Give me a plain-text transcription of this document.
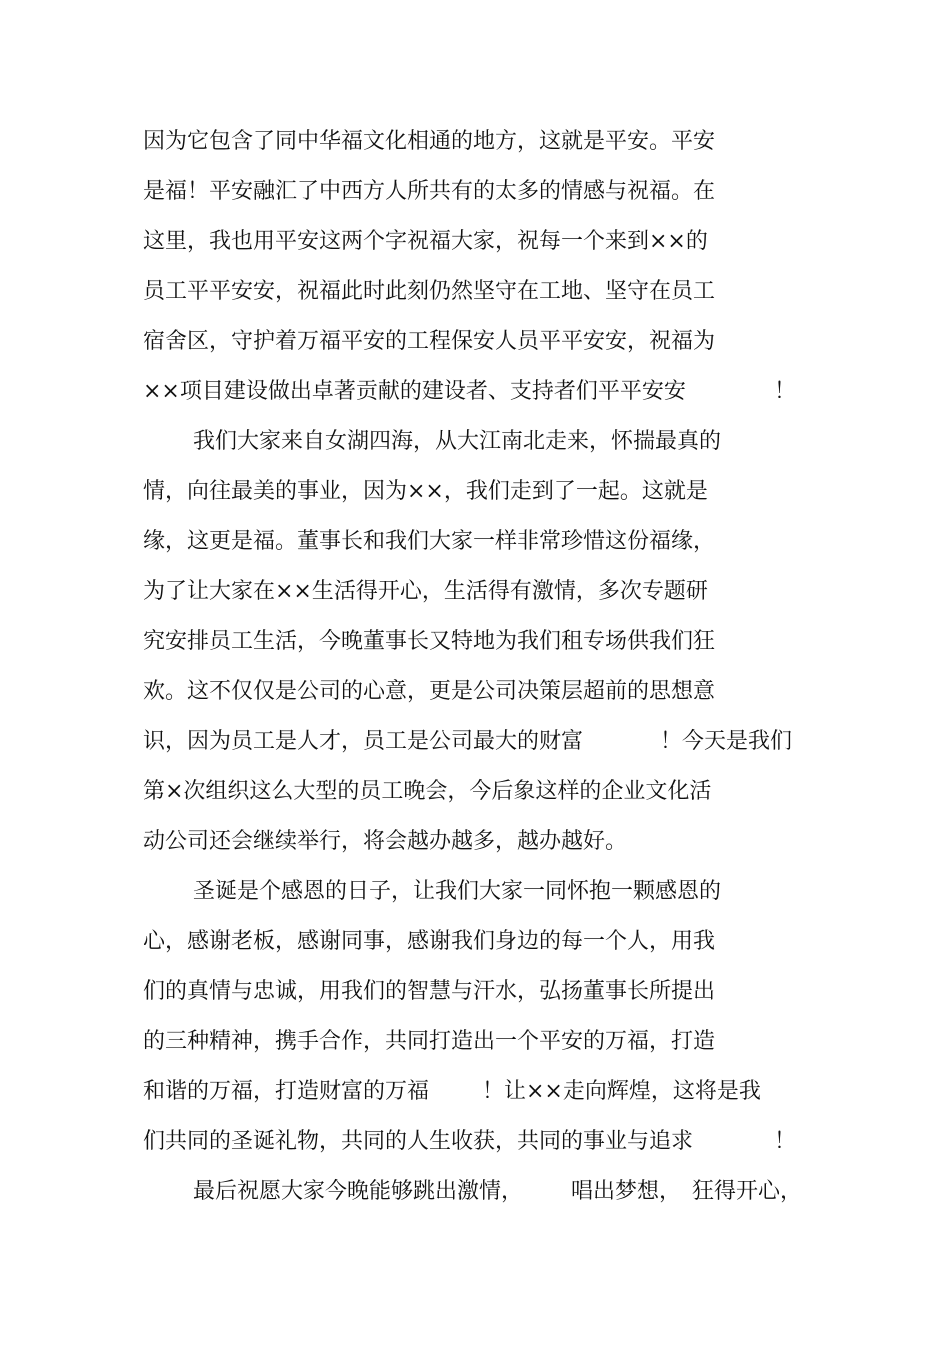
因为它包含了同中华福文化相通的地方，这就是平安。平安
是福！平安融汇了中西方人所共有的太多的情感与祝福。在
这里，我也用平安这两个字祝福大家，祝每一个来到××的
员工平平安安，祝福此时此刻仍然坚守在工地、坚守在员工
宿舍区，守护着万福平安的工程保安人员平平安安，祝福为
××项目建设做出卓著贡献的建设者、支持者们平平安安	！
我们大家来自女湖四海，从大江南北走来，怀揣最真的
情，向往最美的事业，因为××，我们走到了一起。这就是
缘，这更是福。董事长和我们大家一样非常珍惜这份福缘，
为了让大家在××生活得开心，生活得有激情，多次专题研
究安排员工生活，今晚董事长又特地为我们租专场供我们狂
欢。这不仅仅是公司的心意，更是公司决策层超前的思想意
识，因为员工是人才，员工是公司最大的财富	！今天是我们
第×次组织这么大型的员工晚会，今后象这样的企业文化活
动公司还会继续举行，将会越办越多，越办越好。
圣诞是个感恩的日子，让我们大家一同怀抱一颗感恩的
心，感谢老板，感谢同事，感谢我们身边的每一个人，用我
们的真情与忠诚，用我们的智慧与汗水，弘扬董事长所提出
的三种精神，携手合作，共同打造出一个平安的万福，打造
和谐的万福，打造财富的万福 ！让××走向辉煌，这将是我
们共同的圣诞礼物，共同的人生收获，共同的事业与追求	！
最后祝愿大家今晚能够跳出激情， 唱出梦想， 狂得开心，
